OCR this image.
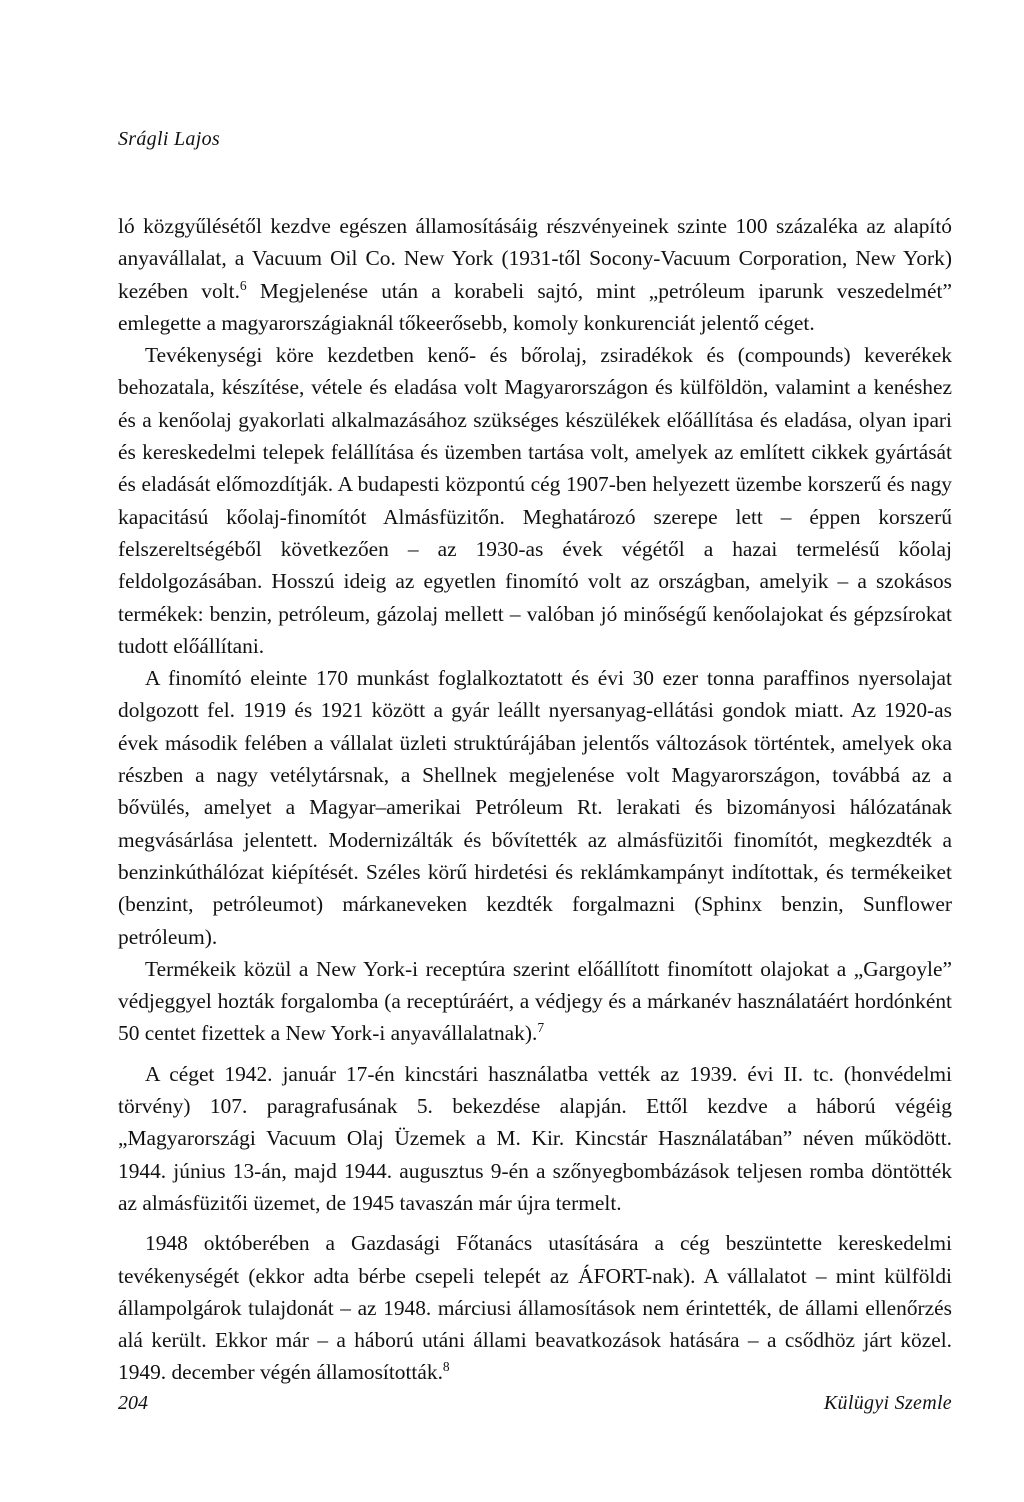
Srágli Lajos

ló közgyűlésétől kezdve egészen államosításáig részvényeinek szinte 100 százaléka az alapító anyavállalat, a Vacuum Oil Co. New York (1931-től Socony-Vacuum Corporation, New York) kezében volt.$^6$ Megjelenése után a korabeli sajtó, mint „petróleum iparunk veszedelmét” emlegette a magyarországiaknál tőkeerősebb, komoly konkurenciát jelentő céget.

Tevékenységi köre kezdetben kenő- és bőrolaj, zsiradékok és (compounds) keverékek behozatala, készítése, vétele és eladása volt Magyarországon és külföldön, valamint a kenéshez és a kenőolaj gyakorlati alkalmazásához szükséges készülékek előállítása és eladása, olyan ipari és kereskedelmi telepek felállítása és üzemben tartása volt, amelyek az említett cikkek gyártását és eladását előmozdítják. A budapesti központú cég 1907-ben helyezett üzembe korszerű és nagy kapacitású kőolaj-finomítót Almásfüzitőn. Meghatározó szerepe lett – éppen korszerű felszereltségéből következően – az 1930-as évek végétől a hazai termelésű kőolaj feldolgozásában. Hosszú ideig az egyetlen finomító volt az országban, amelyik – a szokásos termékek: benzin, petróleum, gázolaj mellett – valóban jó minőségű kenőolajokat és gépzsírokat tudott előállítani.

A finomító eleinte 170 munkást foglalkoztatott és évi 30 ezer tonna paraffinos nyersolajat dolgozott fel. 1919 és 1921 között a gyár leállt nyersanyag-ellátási gondok miatt. Az 1920-as évek második felében a vállalat üzleti struktúrájában jelentős változások történtek, amelyek oka részben a nagy vetélytársnak, a Shellnek megjelenése volt Magyarországon, továbbá az a bővülés, amelyet a Magyar–amerikai Petróleum Rt. lerakati és bizományosi hálózatának megvásárlása jelentett. Modernizálták és bővítették az almásfüzitői finomítót, megkezdték a benzinkúthálózat kiépítését. Széles körű hirdetési és reklámkampányt indítottak, és termékeiket (benzint, petróleumot) márkaneveken kezdték forgalmazni (Sphinx benzin, Sunflower petróleum).

Termékeik közül a New York-i receptúra szerint előállított finomított olajokat a „Gargoyle” védjeggyel hozták forgalomba (a receptúráért, a védjegy és a márkanév használatáért hordónként 50 centet fizettek a New York-i anyavállalatnak).$^7$

A céget 1942. január 17-én kincstári használatba vették az 1939. évi II. tc. (honvédelmi törvény) 107. paragrafusának 5. bekezdése alapján. Ettől kezdve a háború végéig „Magyarországi Vacuum Olaj Üzemek a M. Kir. Kincstár Használatában” néven működött. 1944. június 13-án, majd 1944. augusztus 9-én a szőnyegbombázások teljesen romba döntötték az almásfüzitői üzemet, de 1945 tavaszán már újra termelt.

1948 októberében a Gazdasági Főtanács utasítására a cég beszüntette kereskedelmi tevékenységét (ekkor adta bérbe csepeli telepét az ÁFORT-nak). A vállalatot – mint külföldi állampolgárok tulajdonát – az 1948. márciusi államosítások nem érintették, de állami ellenőrzés alá került. Ekkor már – a háború utáni állami beavatkozások hatására – a csődhöz járt közel. 1949. december végén államosították.$^8$

204	Külügyi Szemle
